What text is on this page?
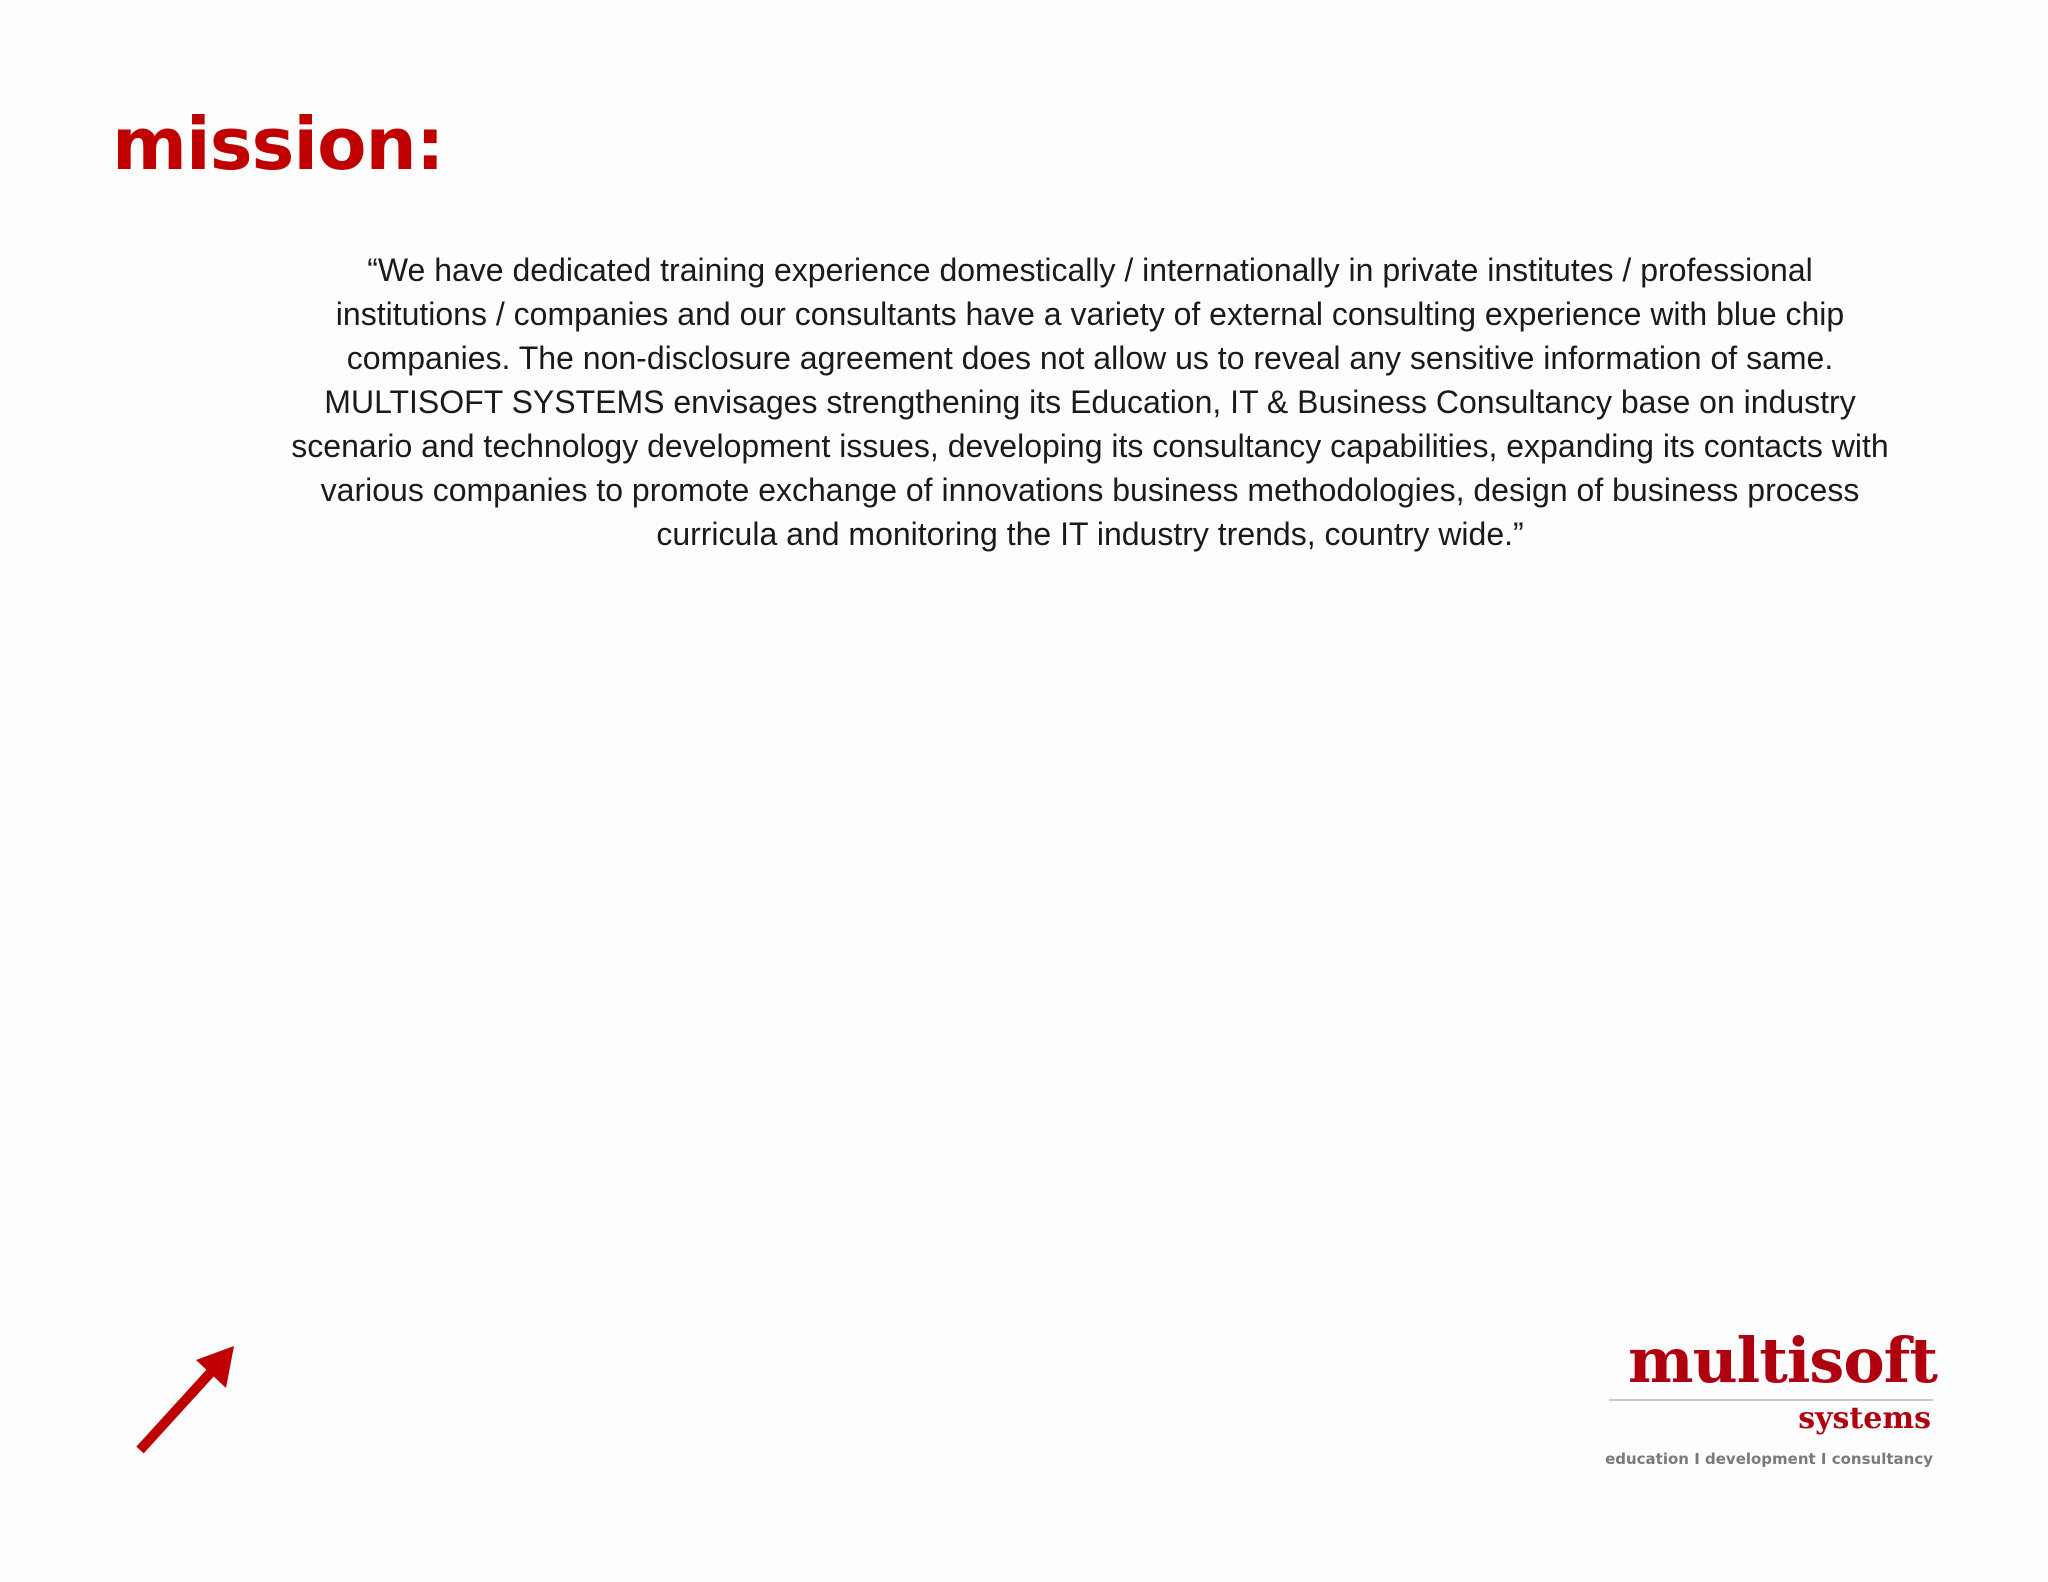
mission:

“We have dedicated training experience domestically / internationally in private institutes / professional institutions / companies and our consultants have a variety of external consulting experience with blue chip companies. The non-disclosure agreement does not allow us to reveal any sensitive information of same. MULTISOFT SYSTEMS envisages strengthening its Education, IT & Business Consultancy base on industry scenario and technology development issues, developing its consultancy capabilities, expanding its contacts with various companies to promote exchange of innovations business methodologies, design of business process curricula and monitoring the IT industry trends, country wide.”

multisoft

systems

education I development I consultancy
